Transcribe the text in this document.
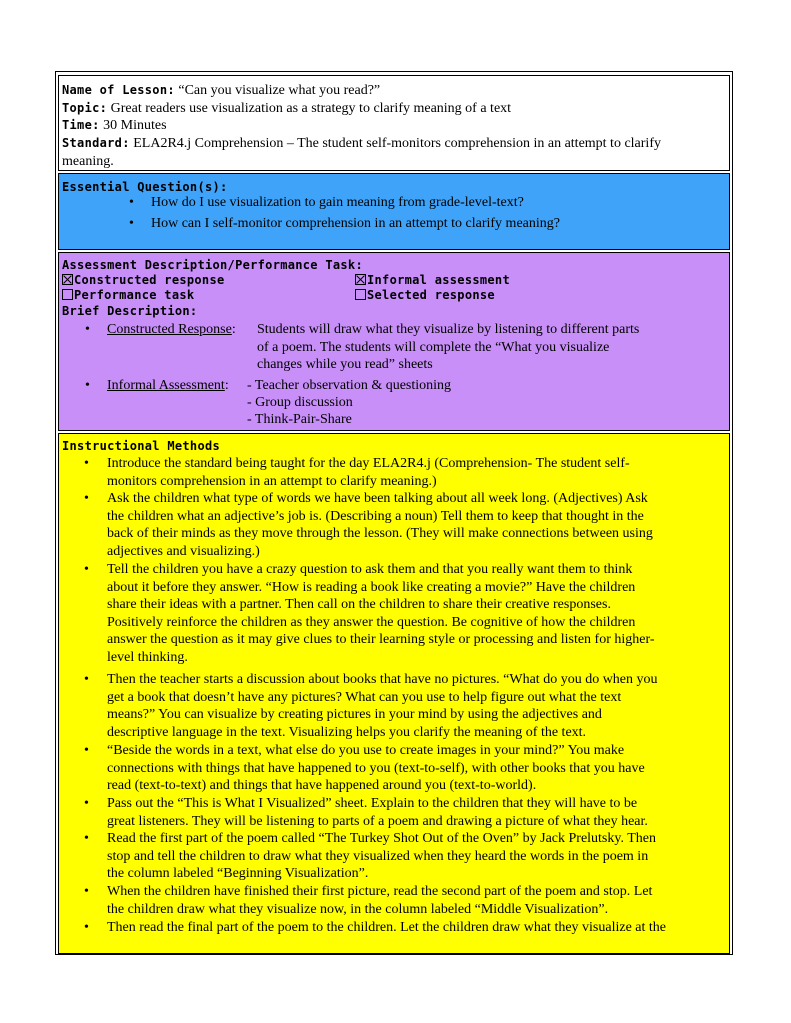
Name of Lesson: “Can you visualize what you read?”
Topic: Great readers use visualization as a strategy to clarify meaning of a text
Time: 30 Minutes
Standard: ELA2R4.j Comprehension – The student self-monitors comprehension in an attempt to clarify
meaning.
Essential Question(s):
• How do I use visualization to gain meaning from grade-level-text?
• How can I self-monitor comprehension in an attempt to clarify meaning?
Assessment Description/Performance Task:
Constructed response	Informal assessment
Performance task	Selected response
Brief Description:
• Constructed Response: Students will draw what they visualize by listening to different parts
of a poem. The students will complete the “What you visualize
changes while you read” sheets
• Informal Assessment: - Teacher observation & questioning
- Group discussion
- Think-Pair-Share
Instructional Methods
• Introduce the standard being taught for the day ELA2R4.j (Comprehension- The student self-
monitors comprehension in an attempt to clarify meaning.)
• Ask the children what type of words we have been talking about all week long. (Adjectives) Ask
the children what an adjective’s job is. (Describing a noun) Tell them to keep that thought in the
back of their minds as they move through the lesson. (They will make connections between using
adjectives and visualizing.)
• Tell the children you have a crazy question to ask them and that you really want them to think
about it before they answer. “How is reading a book like creating a movie?” Have the children
share their ideas with a partner. Then call on the children to share their creative responses.
Positively reinforce the children as they answer the question. Be cognitive of how the children
answer the question as it may give clues to their learning style or processing and listen for higher-
level thinking.
• Then the teacher starts a discussion about books that have no pictures. “What do you do when you
get a book that doesn’t have any pictures? What can you use to help figure out what the text
means?” You can visualize by creating pictures in your mind by using the adjectives and
descriptive language in the text. Visualizing helps you clarify the meaning of the text.
• “Beside the words in a text, what else do you use to create images in your mind?” You make
connections with things that have happened to you (text-to-self), with other books that you have
read (text-to-text) and things that have happened around you (text-to-world).
• Pass out the “This is What I Visualized” sheet. Explain to the children that they will have to be
great listeners. They will be listening to parts of a poem and drawing a picture of what they hear.
• Read the first part of the poem called “The Turkey Shot Out of the Oven” by Jack Prelutsky. Then
stop and tell the children to draw what they visualized when they heard the words in the poem in
the column labeled “Beginning Visualization”.
• When the children have finished their first picture, read the second part of the poem and stop. Let
the children draw what they visualize now, in the column labeled “Middle Visualization”.
• Then read the final part of the poem to the children. Let the children draw what they visualize at the
